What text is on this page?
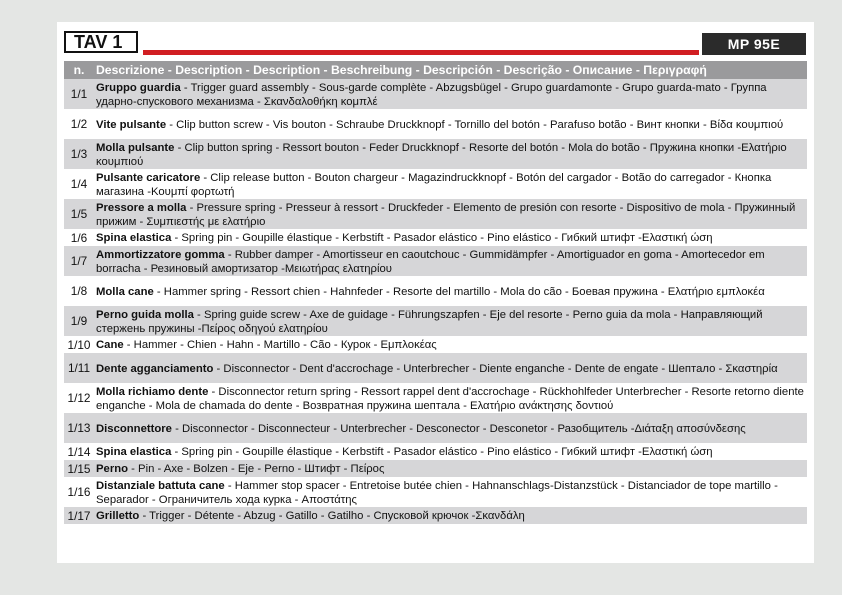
TAV 1	MP 95E
n.	Descrizione - Description - Description - Beschreibung - Descripción - Descrição - Описание - Περιγραφή
1/1	Gruppo guardia - Trigger guard assembly - Sous-garde complète - Abzugsbügel - Grupo guardamonte - Grupo guarda-mato - Группа ударно-спускового механизма - Σκανδαλοθήκη κομπλέ
1/2	Vite pulsante - Clip button screw - Vis bouton - Schraube Druckknopf - Tornillo del botón - Parafuso botão - Винт кнопки - Βίδα κουμπιού
1/3	Molla pulsante - Clip button spring - Ressort bouton - Feder Druckknopf - Resorte del botón - Mola do botão - Пружина кнопки -Ελατήριο κουμπιού
1/4	Pulsante caricatore - Clip release button - Bouton chargeur - Magazindruckknopf - Botón del cargador - Botão do carregador - Кнопка магазина -Κουμπί φορτωτή
1/5	Pressore a molla - Pressure spring - Presseur à ressort - Druckfeder - Elemento de presión con resorte - Dispositivo de mola - Пружинный прижим - Συμπιεστής με ελατήριο
1/6	Spina elastica - Spring pin - Goupille élastique - Kerbstift - Pasador elástico - Pino elástico - Гибкий штифт -Ελαστική ώση
1/7	Ammortizzatore gomma - Rubber damper - Amortisseur en caoutchouc - Gummidämpfer - Amortiguador en goma - Amortecedor em borracha - Резиновый амортизатор -Μειωτήρας ελατηρίου
1/8	Molla cane - Hammer spring - Ressort chien - Hahnfeder - Resorte del martillo - Mola do cão - Боевая пружина - Ελατήριο εμπλοκέα
1/9	Perno guida molla - Spring guide screw - Axe de guidage - Führungszapfen - Eje del resorte - Perno guia da mola - Направляющий стержень пружины -Πείρος οδηγού ελατηρίου
1/10	Cane - Hammer - Chien - Hahn - Martillo - Cão - Курок - Εμπλοκέας
1/11	Dente agganciamento - Disconnector - Dent d'accrochage - Unterbrecher - Diente enganche - Dente de engate - Шептало - Σκαστηρία
1/12	Molla richiamo dente - Disconnector return spring - Ressort rappel dent d'accrochage - Rückhohlfeder Unterbrecher - Resorte retorno diente enganche - Mola de chamada do dente - Возвратная пружина шептала - Ελατήριο ανάκτησης δοντιού
1/13	Disconnettore - Disconnector - Disconnecteur - Unterbrecher - Desconector - Desconetor - Разобщитель -Διάταξη αποσύνδεσης
1/14	Spina elastica - Spring pin - Goupille élastique - Kerbstift - Pasador elástico - Pino elástico - Гибкий штифт -Ελαστική ώση
1/15	Perno - Pin - Axe - Bolzen - Eje - Perno - Штифт - Πείρος
1/16	Distanziale battuta cane - Hammer stop spacer - Entretoise butée chien - Hahnanschlags-Distanzstück - Distanciador de tope martillo - Separador - Ограничитель хода курка - Αποστάτης
1/17	Grilletto - Trigger - Détente - Abzug - Gatillo - Gatilho - Спусковой крючок -Σκανδάλη
